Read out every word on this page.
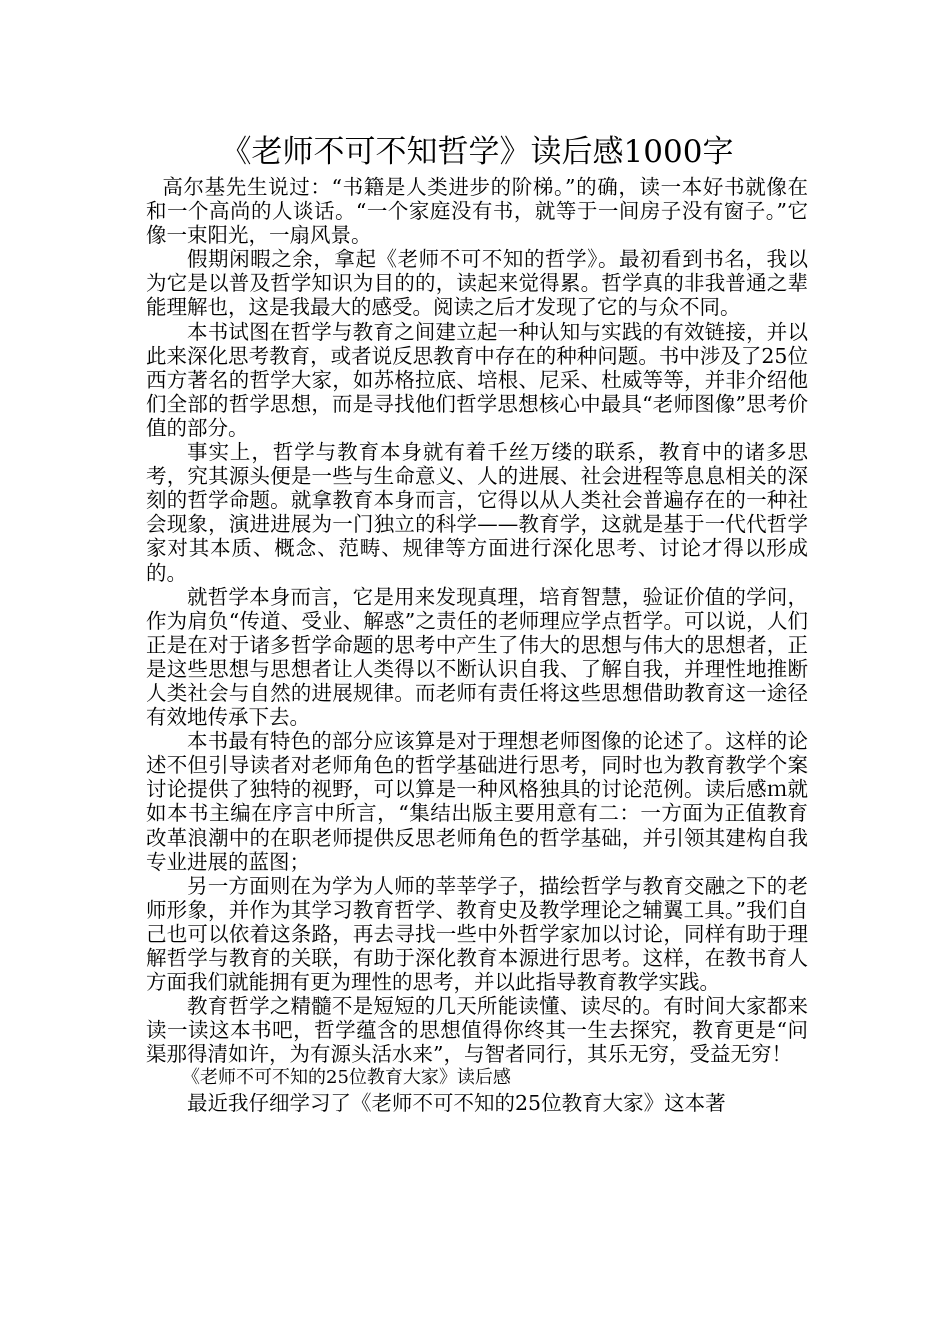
《老师不可不知哲学》读后感1000字

高尔基先生说过：“书籍是人类进步的阶梯。”的确，读一本好书就像在和一个高尚的人谈话。“一个家庭没有书，就等于一间房子没有窗子。”它像一束阳光，一扇风景。

假期闲暇之余，拿起《老师不可不知的哲学》。最初看到书名，我以为它是以普及哲学知识为目的的，读起来觉得累。哲学真的非我普通之辈能理解也，这是我最大的感受。阅读之后才发现了它的与众不同。

本书试图在哲学与教育之间建立起一种认知与实践的有效链接，并以此来深化思考教育，或者说反思教育中存在的种种问题。书中涉及了25位西方著名的哲学大家，如苏格拉底、培根、尼采、杜威等等，并非介绍他们全部的哲学思想，而是寻找他们哲学思想核心中最具“老师图像”思考价值的部分。

事实上，哲学与教育本身就有着千丝万缕的联系，教育中的诸多思考，究其源头便是一些与生命意义、人的进展、社会进程等息息相关的深刻的哲学命题。就拿教育本身而言，它得以从人类社会普遍存在的一种社会现象，演进进展为一门独立的科学——教育学，这就是基于一代代哲学家对其本质、概念、范畴、规律等方面进行深化思考、讨论才得以形成的。

就哲学本身而言，它是用来发现真理，培育智慧，验证价值的学问，作为肩负“传道、受业、解惑”之责任的老师理应学点哲学。可以说，人们正是在对于诸多哲学命题的思考中产生了伟大的思想与伟大的思想者，正是这些思想与思想者让人类得以不断认识自我、了解自我，并理性地推断人类社会与自然的进展规律。而老师有责任将这些思想借助教育这一途径有效地传承下去。

本书最有特色的部分应该算是对于理想老师图像的论述了。这样的论述不但引导读者对老师角色的哲学基础进行思考，同时也为教育教学个案讨论提供了独特的视野，可以算是一种风格独具的讨论范例。读后感ｍ就如本书主编在序言中所言，“集结出版主要用意有二：一方面为正值教育改革浪潮中的在职老师提供反思老师角色的哲学基础，并引领其建构自我专业进展的蓝图；

另一方面则在为学为人师的莘莘学子，描绘哲学与教育交融之下的老师形象，并作为其学习教育哲学、教育史及教学理论之辅翼工具。”我们自己也可以依着这条路，再去寻找一些中外哲学家加以讨论，同样有助于理解哲学与教育的关联，有助于深化教育本源进行思考。这样，在教书育人方面我们就能拥有更为理性的思考，并以此指导教育教学实践。

教育哲学之精髓不是短短的几天所能读懂、读尽的。有时间大家都来读一读这本书吧，哲学蕴含的思想值得你终其一生去探究，教育更是“问渠那得清如许，为有源头活水来”，与智者同行，其乐无穷，受益无穷！

《老师不可不知的25位教育大家》读后感

最近我仔细学习了《老师不可不知的25位教育大家》这本著
